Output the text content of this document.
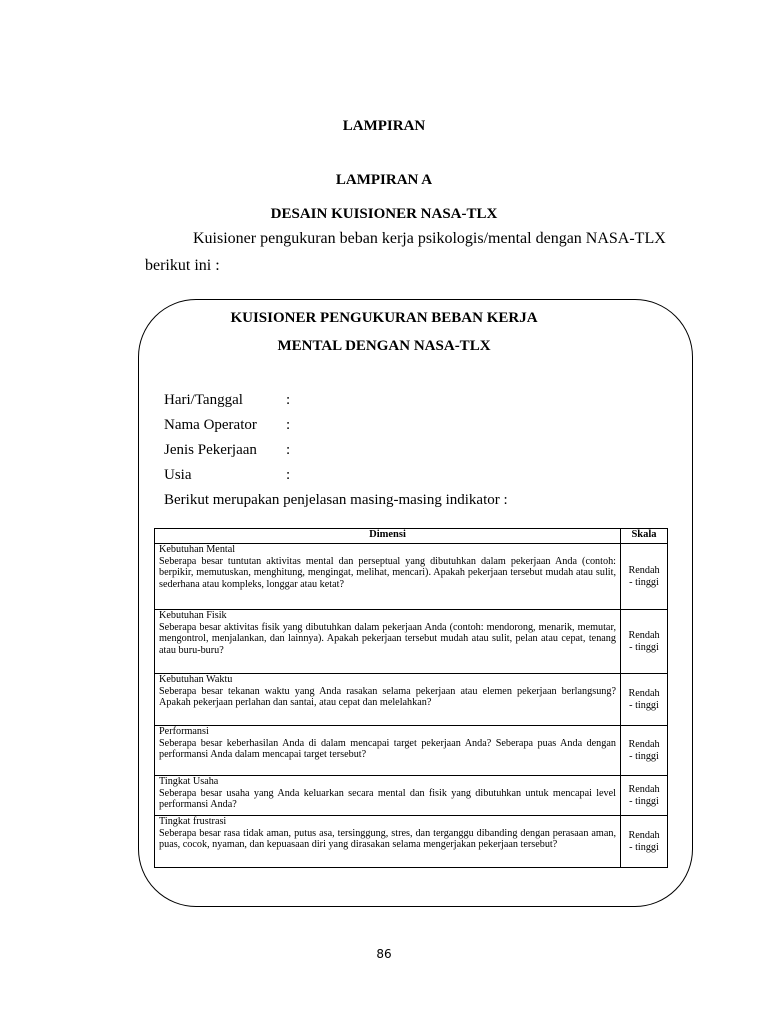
LAMPIRAN
LAMPIRAN A
DESAIN KUISIONER NASA-TLX
Kuisioner pengukuran beban kerja psikologis/mental dengan NASA-TLX
berikut ini :
KUISIONER PENGUKURAN BEBAN KERJA
MENTAL DENGAN NASA-TLX
Hari/Tanggal	:
Nama Operator :
Jenis Pekerjaan :
Usia	:
Berikut merupakan penjelasan masing-masing indikator :
Dimensi	Skala

Kebutuhan Mental
Seberapa besar tuntutan aktivitas mental dan perseptual yang dibutuhkan dalam pekerjaan Anda (contoh: berpikir, memutuskan, menghitung, mengingat, melihat, mencari). Apakah pekerjaan tersebut mudah atau sulit, sederhana atau kompleks, longgar atau ketat?	Rendah
- tinggi

Kebutuhan Fisik
Seberapa besar aktivitas fisik yang dibutuhkan dalam pekerjaan Anda (contoh: mendorong, menarik, memutar, mengontrol, menjalankan, dan lainnya). Apakah pekerjaan tersebut mudah atau sulit, pelan atau cepat, tenang atau buru-buru?	Rendah
- tinggi

Kebutuhan Waktu
Seberapa besar tekanan waktu yang Anda rasakan selama pekerjaan atau elemen pekerjaan berlangsung? Apakah pekerjaan perlahan dan santai, atau cepat dan melelahkan?	Rendah
- tinggi

Performansi
Seberapa besar keberhasilan Anda di dalam mencapai target pekerjaan Anda? Seberapa puas Anda dengan performansi Anda dalam mencapai target tersebut?	Rendah
- tinggi

Tingkat Usaha
Seberapa besar usaha yang Anda keluarkan secara mental dan fisik yang dibutuhkan untuk mencapai level performansi Anda?	Rendah
- tinggi

Tingkat frustrasi
Seberapa besar rasa tidak aman, putus asa, tersinggung, stres, dan terganggu dibanding dengan perasaan aman, puas, cocok, nyaman, dan kepuasaan diri yang dirasakan selama mengerjakan pekerjaan tersebut?	Rendah
- tinggi
86
